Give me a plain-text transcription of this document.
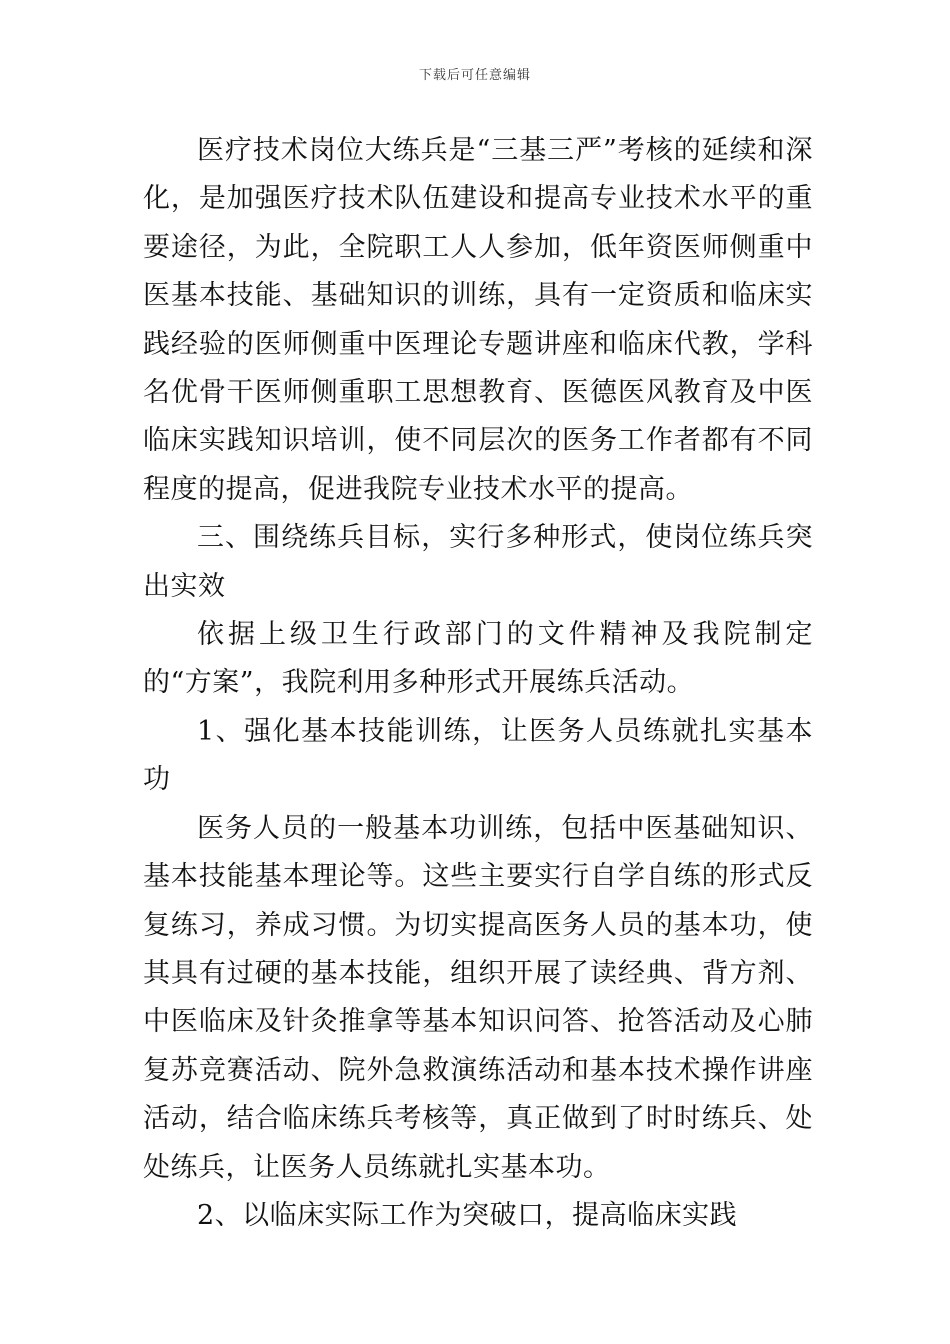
下载后可任意编辑

医疗技术岗位大练兵是“三基三严”考核的延续和深化，是加强医疗技术队伍建设和提高专业技术水平的重要途径，为此，全院职工人人参加，低年资医师侧重中医基本技能、基础知识的训练，具有一定资质和临床实践经验的医师侧重中医理论专题讲座和临床代教，学科名优骨干医师侧重职工思想教育、医德医风教育及中医临床实践知识培训，使不同层次的医务工作者都有不同程度的提高，促进我院专业技术水平的提高。

三、围绕练兵目标，实行多种形式，使岗位练兵突出实效

依据上级卫生行政部门的文件精神及我院制定的“方案”，我院利用多种形式开展练兵活动。

1、强化基本技能训练，让医务人员练就扎实基本功

医务人员的一般基本功训练，包括中医基础知识、基本技能基本理论等。这些主要实行自学自练的形式反复练习，养成习惯。为切实提高医务人员的基本功，使其具有过硬的基本技能，组织开展了读经典、背方剂、中医临床及针灸推拿等基本知识问答、抢答活动及心肺复苏竞赛活动、院外急救演练活动和基本技术操作讲座活动，结合临床练兵考核等，真正做到了时时练兵、处处练兵，让医务人员练就扎实基本功。

2、以临床实际工作为突破口，提高临床实践
